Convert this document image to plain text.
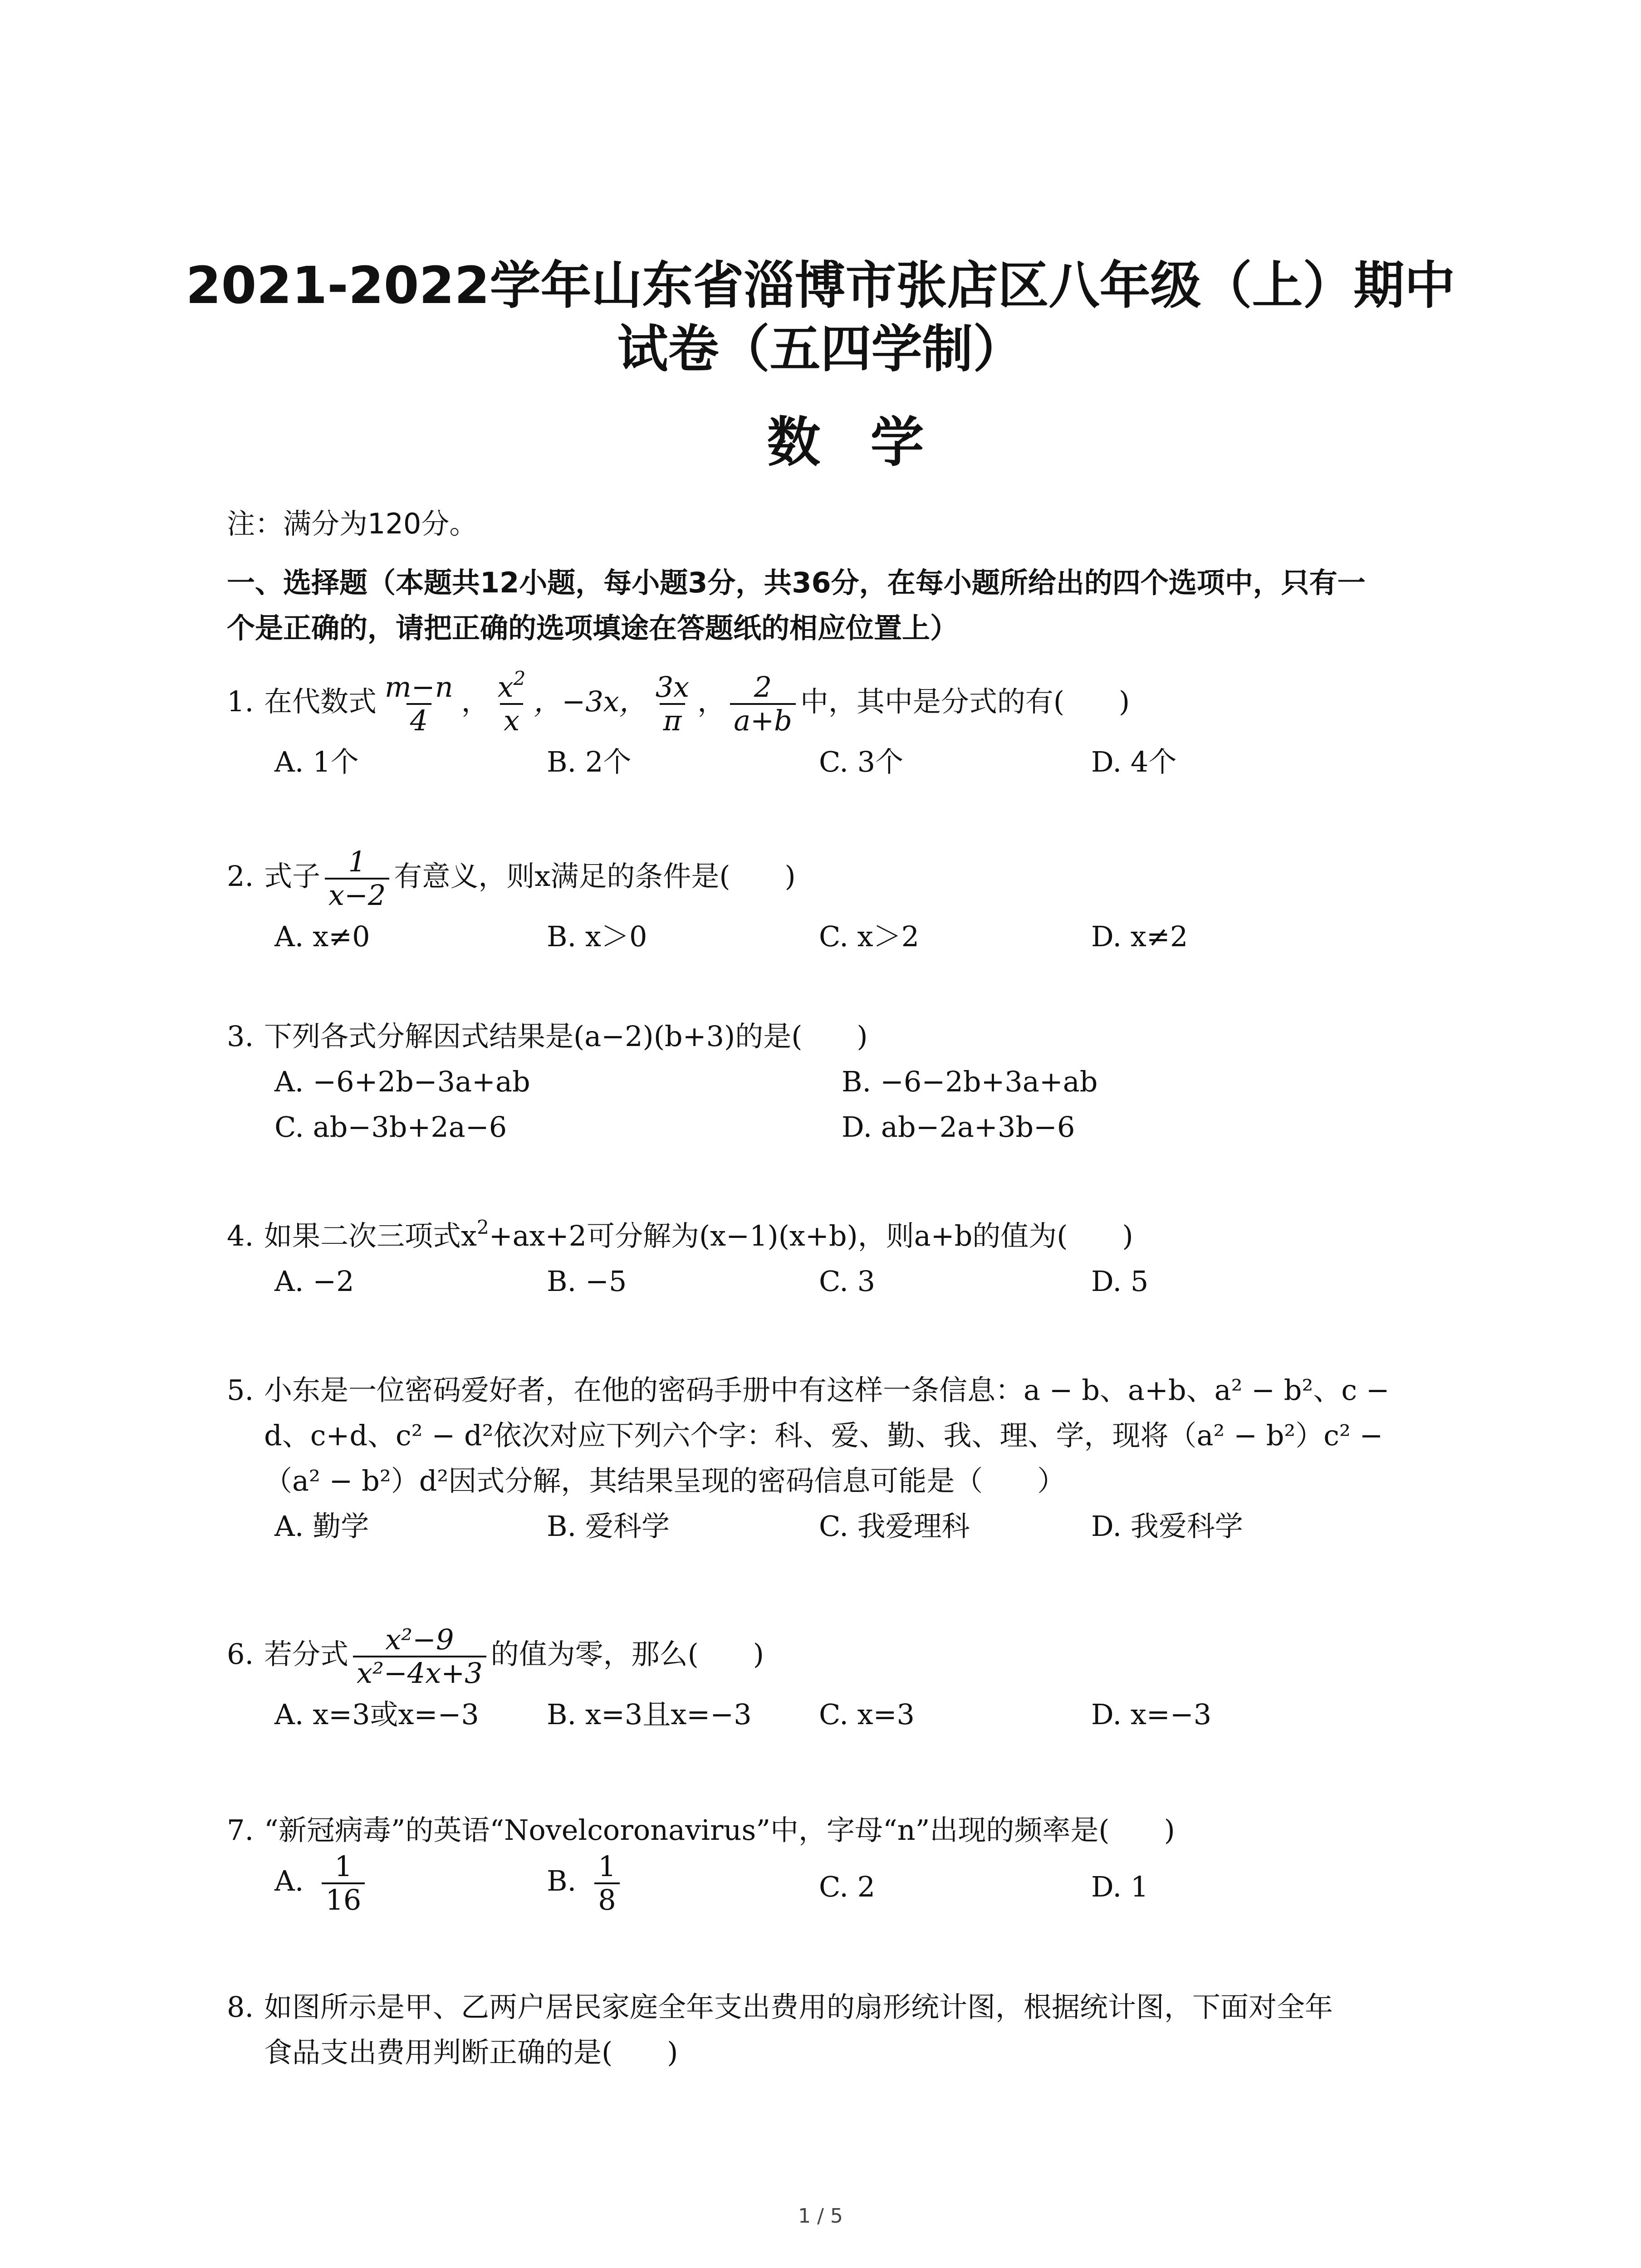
2021-2022学年山东省淄博市张店区八年级（上）期中
试卷（五四学制）
数学
注：满分为120分。
一、选择题（本题共12小题，每小题3分，共36分，在每小题所给出的四个选项中，只有一
个是正确的，请把正确的选项填途在答题纸的相应位置上）
1. 在代数式 $\frac{m-n}{4}$ ， $\frac{x^2}{x}$ ，−3x， $\frac{3x}{\pi}$ ， $\frac{2}{a+b}$ 中，其中是分式的有( )
A. 1个	B. 2个	C. 3个	D. 4个
2. 式子 $\frac{1}{x-2}$ 有意义，则x满足的条件是( )
A. x≠0	B. x＞0	C. x＞2	D. x≠2
3. 下列各式分解因式结果是(a−2)(b+3)的是( )
A. −6+2b−3a+ab	B. −6−2b+3a+ab
C. ab−3b+2a−6	D. ab−2a+3b−6
4. 如果二次三项式$x^2+ax+2$可分解为(x−1)(x+b)，则a+b的值为( )
A. −2	B. −5	C. 3	D. 5
5. 小东是一位密码爱好者，在他的密码手册中有这样一条信息：a − b、a+b、a² − b²、c −
d、c+d、c² − d²依次对应下列六个字：科、爱、勤、我、理、学，现将（a² − b²）c² −
（a² − b²）d²因式分解，其结果呈现的密码信息可能是（ ）
A. 勤学	B. 爱科学	C. 我爱理科	D. 我爱科学
6. 若分式 $\frac{\text{x²−9}}{\text{x²−4x+3}}$ 的值为零，那么( )
A. x=3或x=−3 B. x=3且x=−3 C. x=3	D. x=−3
7. “新冠病毒”的英语“Novelcoronavirus”中，字母“n”出现的频率是( )
A. $\frac{1}{16}$	B. $\frac{1}{8}$	C. 2	D. 1
8. 如图所示是甲、乙两户居民家庭全年支出费用的扇形统计图，根据统计图，下面对全年
食品支出费用判断正确的是( )
1 / 5
